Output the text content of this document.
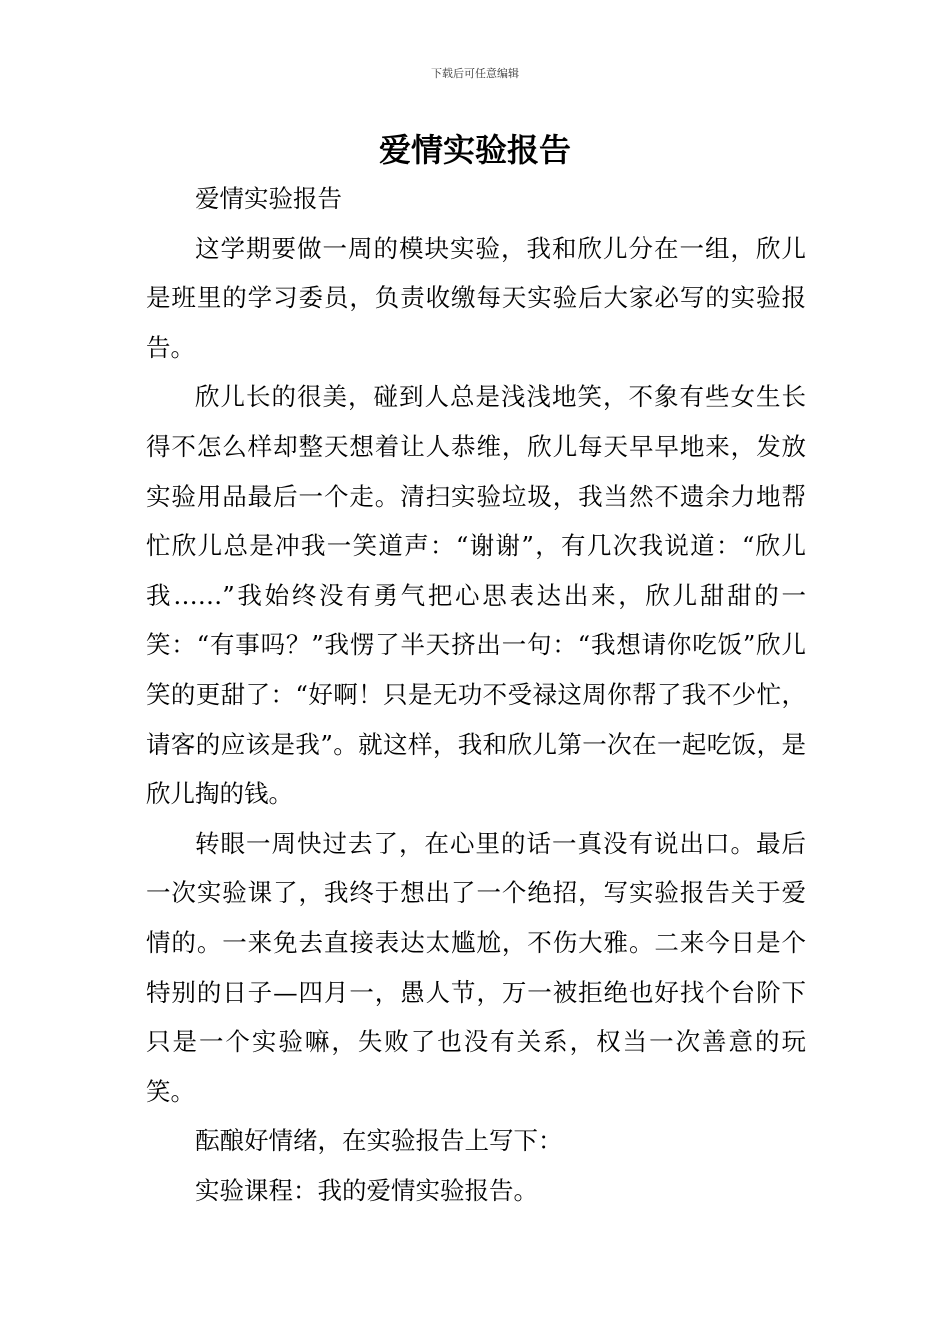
下载后可任意编辑
爱情实验报告

爱情实验报告

这学期要做一周的模块实验，我和欣儿分在一组，欣儿是班里的学习委员，负责收缴每天实验后大家必写的实验报告。

欣儿长的很美，碰到人总是浅浅地笑，不象有些女生长得不怎么样却整天想着让人恭维，欣儿每天早早地来，发放实验用品最后一个走。清扫实验垃圾，我当然不遗余力地帮忙欣儿总是冲我一笑道声：“谢谢”，有几次我说道：“欣儿我……”我始终没有勇气把心思表达出来，欣儿甜甜的一笑：“有事吗？”我愣了半天挤出一句：“我想请你吃饭”欣儿笑的更甜了：“好啊！只是无功不受禄这周你帮了我不少忙，请客的应该是我”。就这样，我和欣儿第一次在一起吃饭，是欣儿掏的钱。

转眼一周快过去了，在心里的话一真没有说出口。最后一次实验课了，我终于想出了一个绝招，写实验报告关于爱情的。一来免去直接表达太尴尬，不伤大雅。二来今日是个特别的日子—四月一，愚人节，万一被拒绝也好找个台阶下只是一个实验嘛，失败了也没有关系，权当一次善意的玩笑。

酝酿好情绪，在实验报告上写下：

实验课程：我的爱情实验报告。
